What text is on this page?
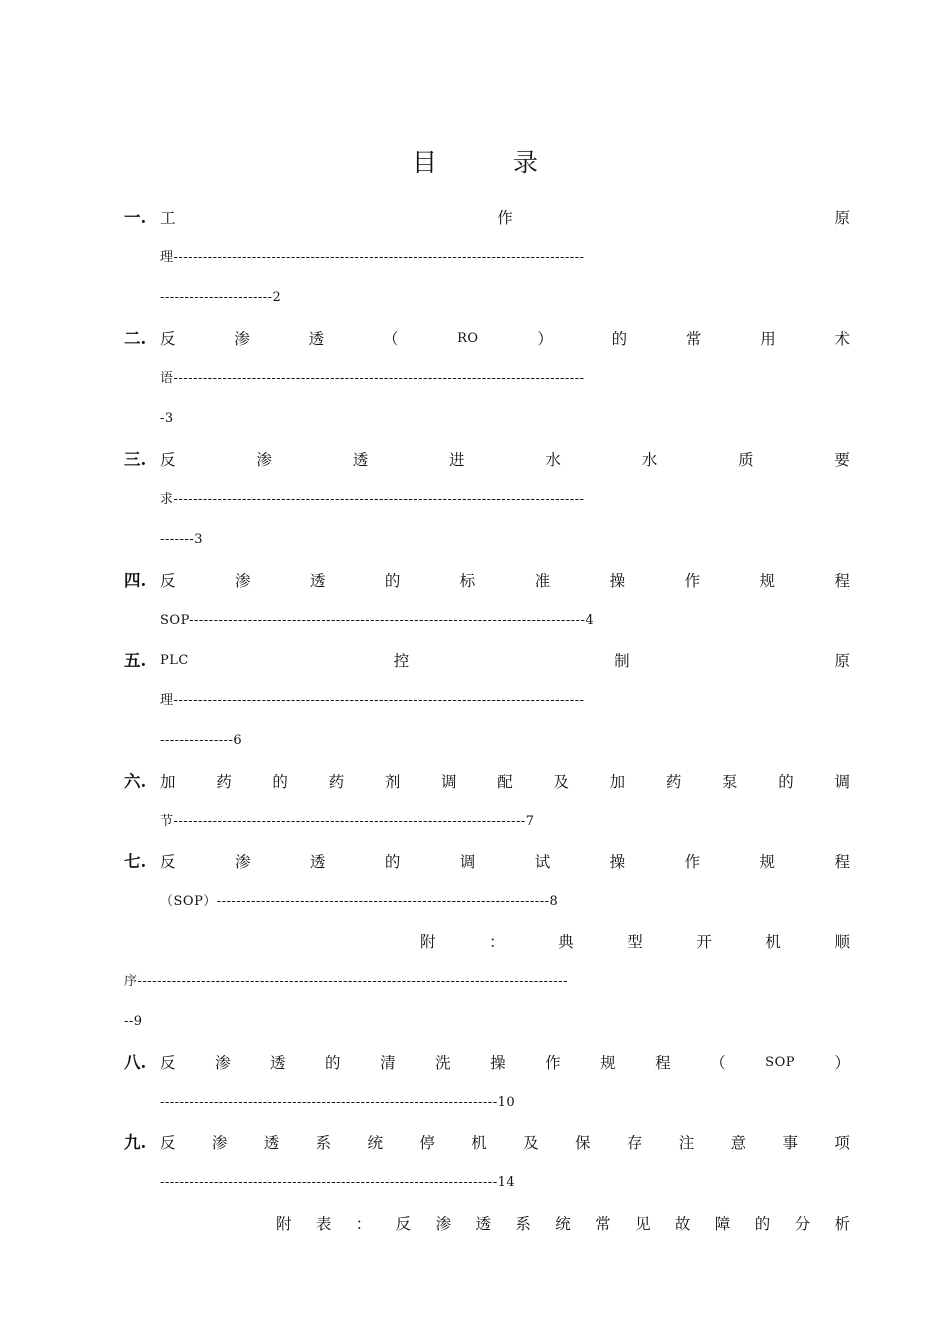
目 录
一. 工	作	原
理------------------------------------------------------------------------------------
-----------------------2
二. 反	渗	透	（	RO	）	的	常	用	术
语------------------------------------------------------------------------------------
-3
三. 反	渗	透	进	水	水	质	要
求------------------------------------------------------------------------------------
-------3
四. 反	渗	透	的	标	准	操	作	规	程
SOP---------------------------------------------------------------------------------4
五.	PLC	控	制	原
理------------------------------------------------------------------------------------
---------------6
六. 加	药	的	药	剂	调	配	及	加	药	泵	的	调
节------------------------------------------------------------------------7
七. 反	渗	透	的	调	试	操	作	规	程
（SOP）--------------------------------------------------------------------8
附	：	典	型	开	机	顺
序----------------------------------------------------------------------------------------
--9
八. 反	渗	透	的	清	洗	操	作	规	程	（	SOP	）
---------------------------------------------------------------------10
九. 反 渗 透 系 统 停 机 及 保 存 注 意 事 项
---------------------------------------------------------------------14
附 表 ： 反 渗 透 系 统 常 见 故 障 的 分 析
